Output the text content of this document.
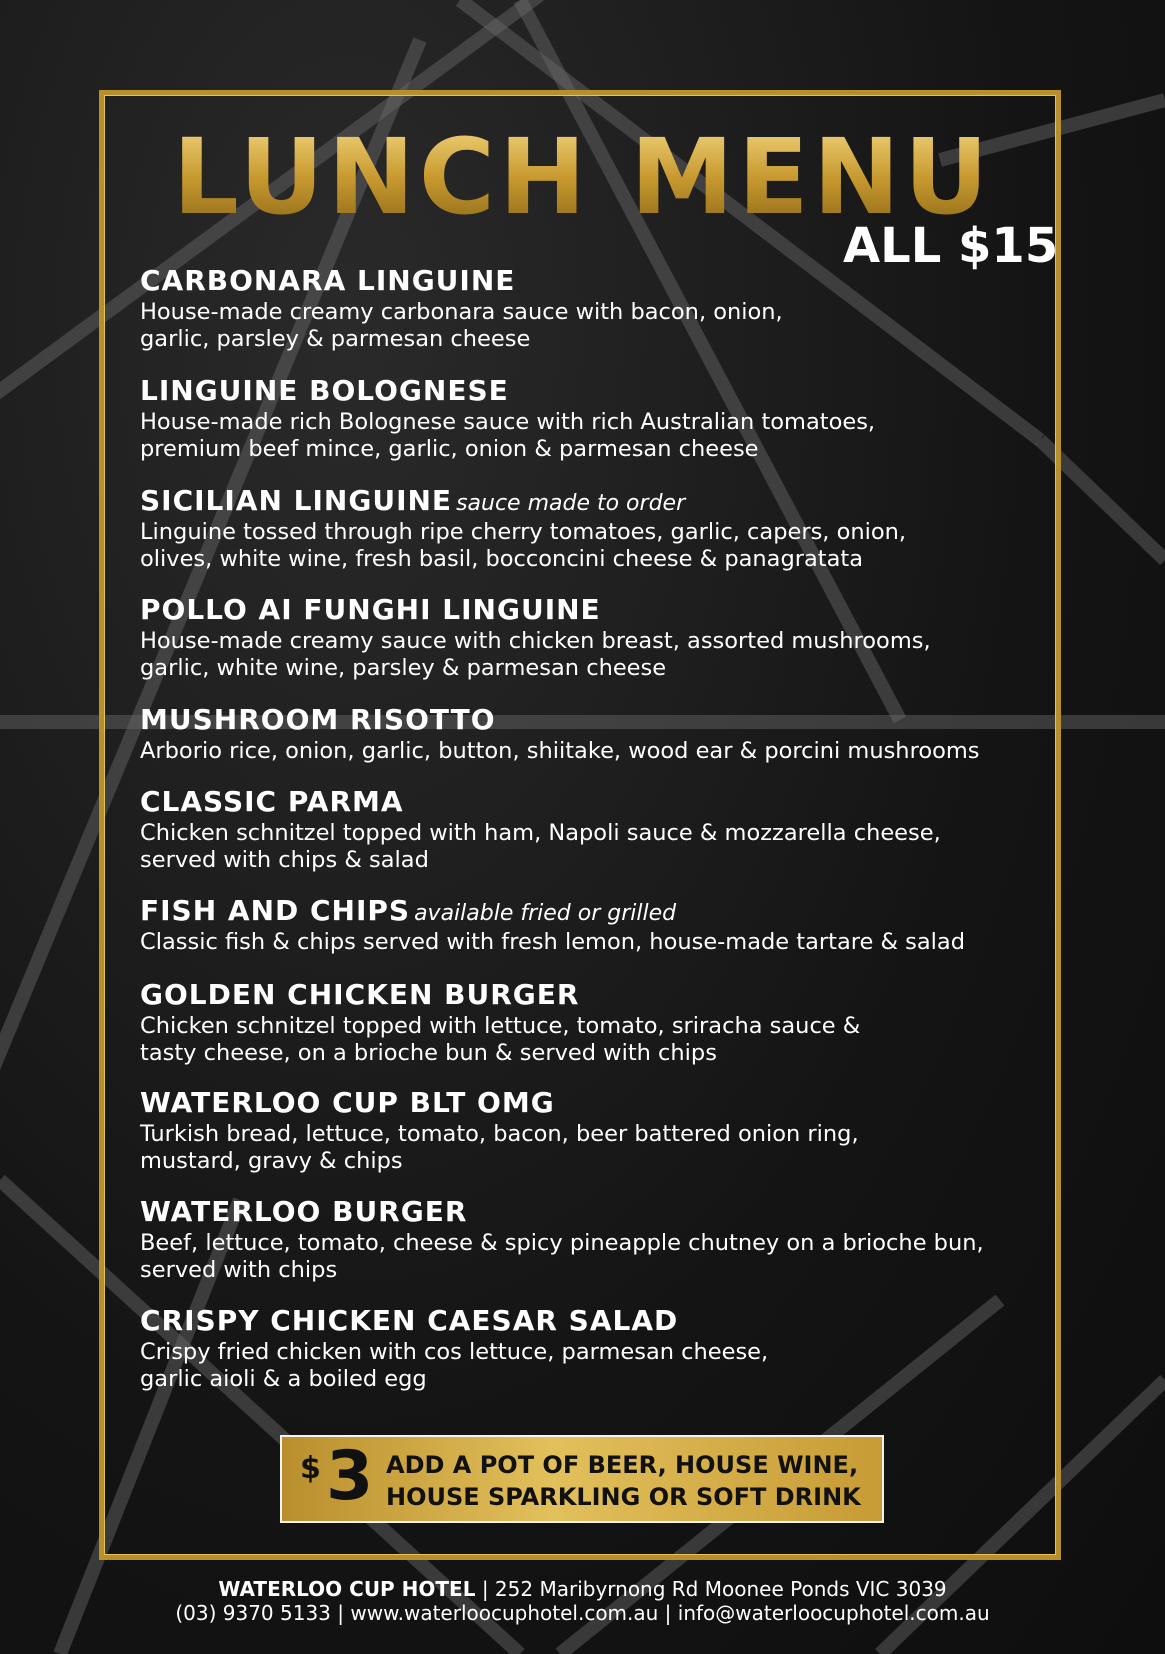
LUNCH MENU
ALL $15
CARBONARA LINGUINE
House-made creamy carbonara sauce with bacon, onion,
garlic, parsley & parmesan cheese
LINGUINE BOLOGNESE
House-made rich Bolognese sauce with rich Australian tomatoes,
premium beef mince, garlic, onion & parmesan cheese
SICILIAN LINGUINE sauce made to order
Linguine tossed through ripe cherry tomatoes, garlic, capers, onion,
olives, white wine, fresh basil, bocconcini cheese & panagratata
POLLO AI FUNGHI LINGUINE
House-made creamy sauce with chicken breast, assorted mushrooms,
garlic, white wine, parsley & parmesan cheese
MUSHROOM RISOTTO
Arborio rice, onion, garlic, button, shiitake, wood ear & porcini mushrooms
CLASSIC PARMA
Chicken schnitzel topped with ham, Napoli sauce & mozzarella cheese,
served with chips & salad
FISH AND CHIPS available fried or grilled
Classic fish & chips served with fresh lemon, house-made tartare & salad
GOLDEN CHICKEN BURGER
Chicken schnitzel topped with lettuce, tomato, sriracha sauce &
tasty cheese, on a brioche bun & served with chips
WATERLOO CUP BLT OMG
Turkish bread, lettuce, tomato, bacon, beer battered onion ring,
mustard, gravy & chips
WATERLOO BURGER
Beef, lettuce, tomato, cheese & spicy pineapple chutney on a brioche bun,
served with chips
CRISPY CHICKEN CAESAR SALAD
Crispy fried chicken with cos lettuce, parmesan cheese,
garlic aioli & a boiled egg
$ 3 ADD A POT OF BEER, HOUSE WINE,
HOUSE SPARKLING OR SOFT DRINK
WATERLOO CUP HOTEL | 252 Maribyrnong Rd Moonee Ponds VIC 3039
(03) 9370 5133 | www.waterloocuphotel.com.au | info@waterloocuphotel.com.au
